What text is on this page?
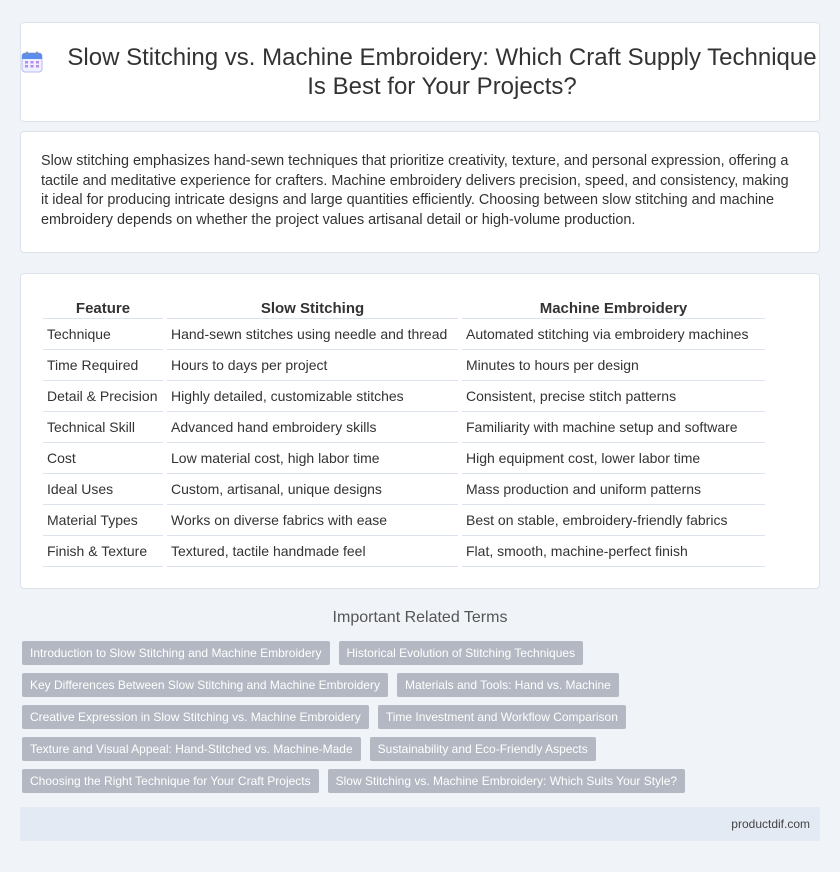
Slow Stitching vs. Machine Embroidery: Which Craft Supply Technique Is Best for Your Projects?

Slow stitching emphasizes hand-sewn techniques that prioritize creativity, texture, and personal expression, offering a tactile and meditative experience for crafters. Machine embroidery delivers precision, speed, and consistency, making it ideal for producing intricate designs and large quantities efficiently. Choosing between slow stitching and machine embroidery depends on whether the project values artisanal detail or high-volume production.

Feature	Slow Stitching	Machine Embroidery
Technique	Hand-sewn stitches using needle and thread	Automated stitching via embroidery machines
Time Required	Hours to days per project	Minutes to hours per design
Detail & Precision	Highly detailed, customizable stitches	Consistent, precise stitch patterns
Technical Skill	Advanced hand embroidery skills	Familiarity with machine setup and software
Cost	Low material cost, high labor time	High equipment cost, lower labor time
Ideal Uses	Custom, artisanal, unique designs	Mass production and uniform patterns
Material Types	Works on diverse fabrics with ease	Best on stable, embroidery-friendly fabrics
Finish & Texture	Textured, tactile handmade feel	Flat, smooth, machine-perfect finish
Important Related Terms
Introduction to Slow Stitching and Machine Embroidery	Historical Evolution of Stitching Techniques
Key Differences Between Slow Stitching and Machine Embroidery	Materials and Tools: Hand vs. Machine
Creative Expression in Slow Stitching vs. Machine Embroidery	Time Investment and Workflow Comparison
Texture and Visual Appeal: Hand-Stitched vs. Machine-Made	Sustainability and Eco-Friendly Aspects
Choosing the Right Technique for Your Craft Projects	Slow Stitching vs. Machine Embroidery: Which Suits Your Style?
productdif.com
